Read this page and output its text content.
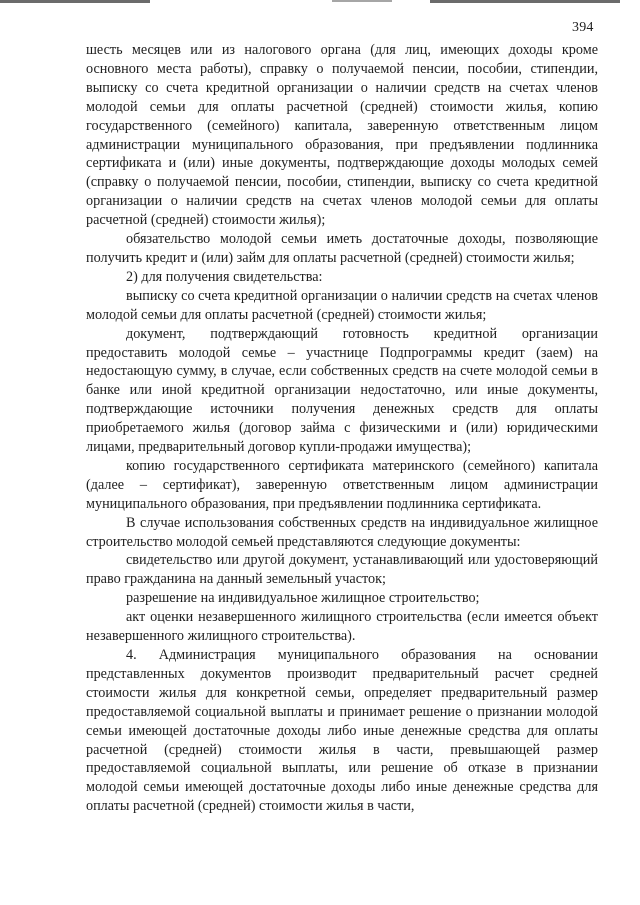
394

шесть месяцев или из налогового органа (для лиц, имеющих доходы кроме основного места работы), справку о получаемой пенсии, пособии, стипендии, выписку со счета кредитной организации о наличии средств на счетах членов молодой семьи для оплаты расчетной (средней) стоимости жилья, копию государственного (семейного) капитала, заверенную ответственным лицом администрации муниципального образования, при предъявлении подлинника сертификата и (или) иные документы, подтверждающие доходы молодых семей (справку о получаемой пенсии, пособии, стипендии, выписку со счета кредитной организации о наличии средств на счетах членов молодой семьи для оплаты расчетной (средней) стоимости жилья);

обязательство молодой семьи иметь достаточные доходы, позволяющие получить кредит и (или) займ для оплаты расчетной (средней) стоимости жилья;

2) для получения свидетельства:

выписку со счета кредитной организации о наличии средств на счетах членов молодой семьи для оплаты расчетной (средней) стоимости жилья;

документ, подтверждающий готовность кредитной организации предоставить молодой семье – участнице Подпрограммы кредит (заем) на недостающую сумму, в случае, если собственных средств на счете молодой семьи в банке или иной кредитной организации недостаточно, или иные документы, подтверждающие источники получения денежных средств для оплаты приобретаемого жилья (договор займа с физическими и (или) юридическими лицами, предварительный договор купли-продажи имущества);

копию государственного сертификата материнского (семейного) капитала (далее – сертификат), заверенную ответственным лицом администрации муниципального образования, при предъявлении подлинника сертификата.

В случае использования собственных средств на индивидуальное жилищное строительство молодой семьей представляются следующие документы:

свидетельство или другой документ, устанавливающий или удостоверяющий право гражданина на данный земельный участок;

разрешение на индивидуальное жилищное строительство;

акт оценки незавершенного жилищного строительства (если имеется объект незавершенного жилищного строительства).

4. Администрация муниципального образования на основании представленных документов производит предварительный расчет средней стоимости жилья для конкретной семьи, определяет предварительный размер предоставляемой социальной выплаты и принимает решение о признании молодой семьи имеющей достаточные доходы либо иные денежные средства для оплаты расчетной (средней) стоимости жилья в части, превышающей размер предоставляемой социальной выплаты, или решение об отказе в признании молодой семьи имеющей достаточные доходы либо иные денежные средства для оплаты расчетной (средней) стоимости жилья в части,
